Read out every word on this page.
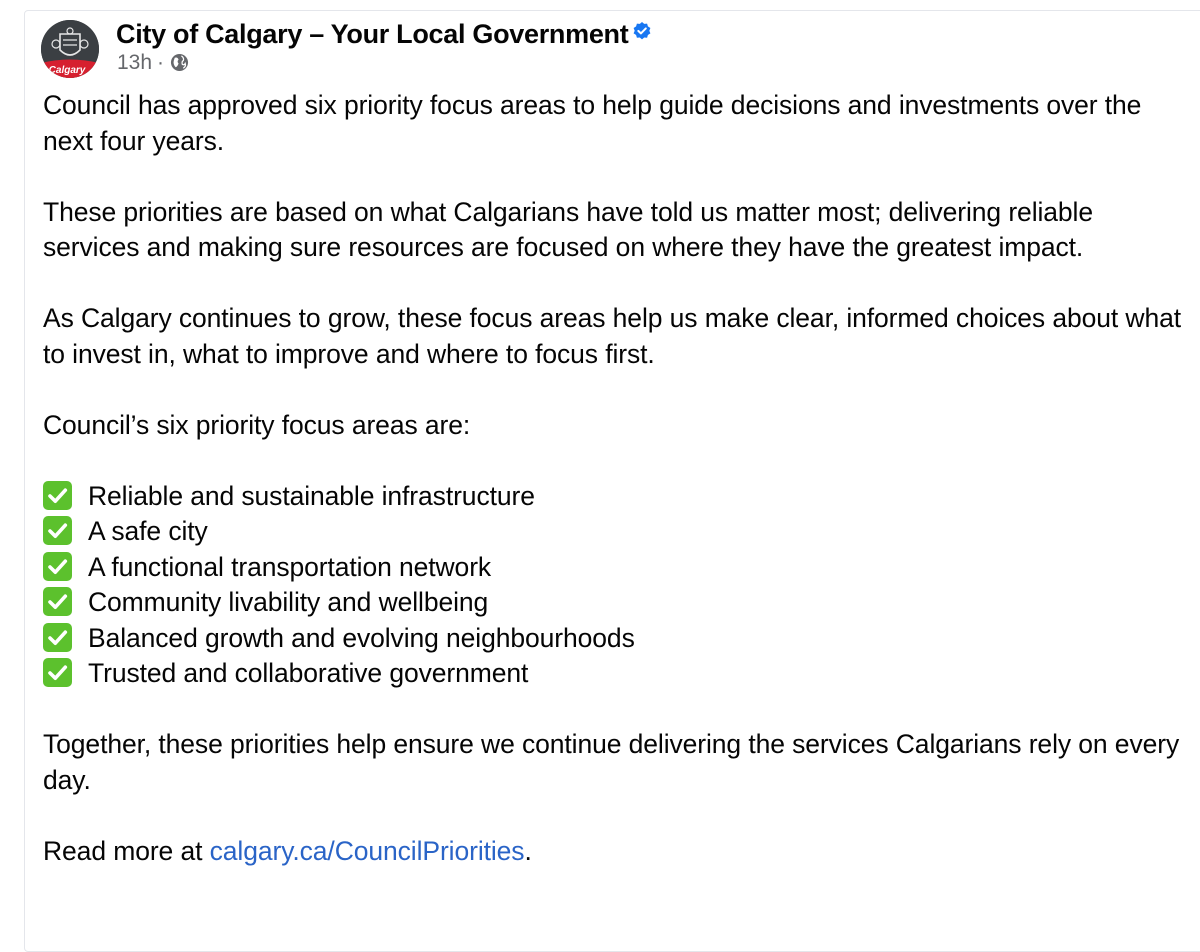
Calgary
City of Calgary – Your Local Government
13h ·

Council has approved six priority focus areas to help guide decisions and investments over the next four years.

These priorities are based on what Calgarians have told us matter most; delivering reliable services and making sure resources are focused on where they have the greatest impact.

As Calgary continues to grow, these focus areas help us make clear, informed choices about what to invest in, what to improve and where to focus first.

Council’s six priority focus areas are:

Reliable and sustainable infrastructure
A safe city
A functional transportation network
Community livability and wellbeing
Balanced growth and evolving neighbourhoods
Trusted and collaborative government

Together, these priorities help ensure we continue delivering the services Calgarians rely on every day.

Read more at calgary.ca/CouncilPriorities.
